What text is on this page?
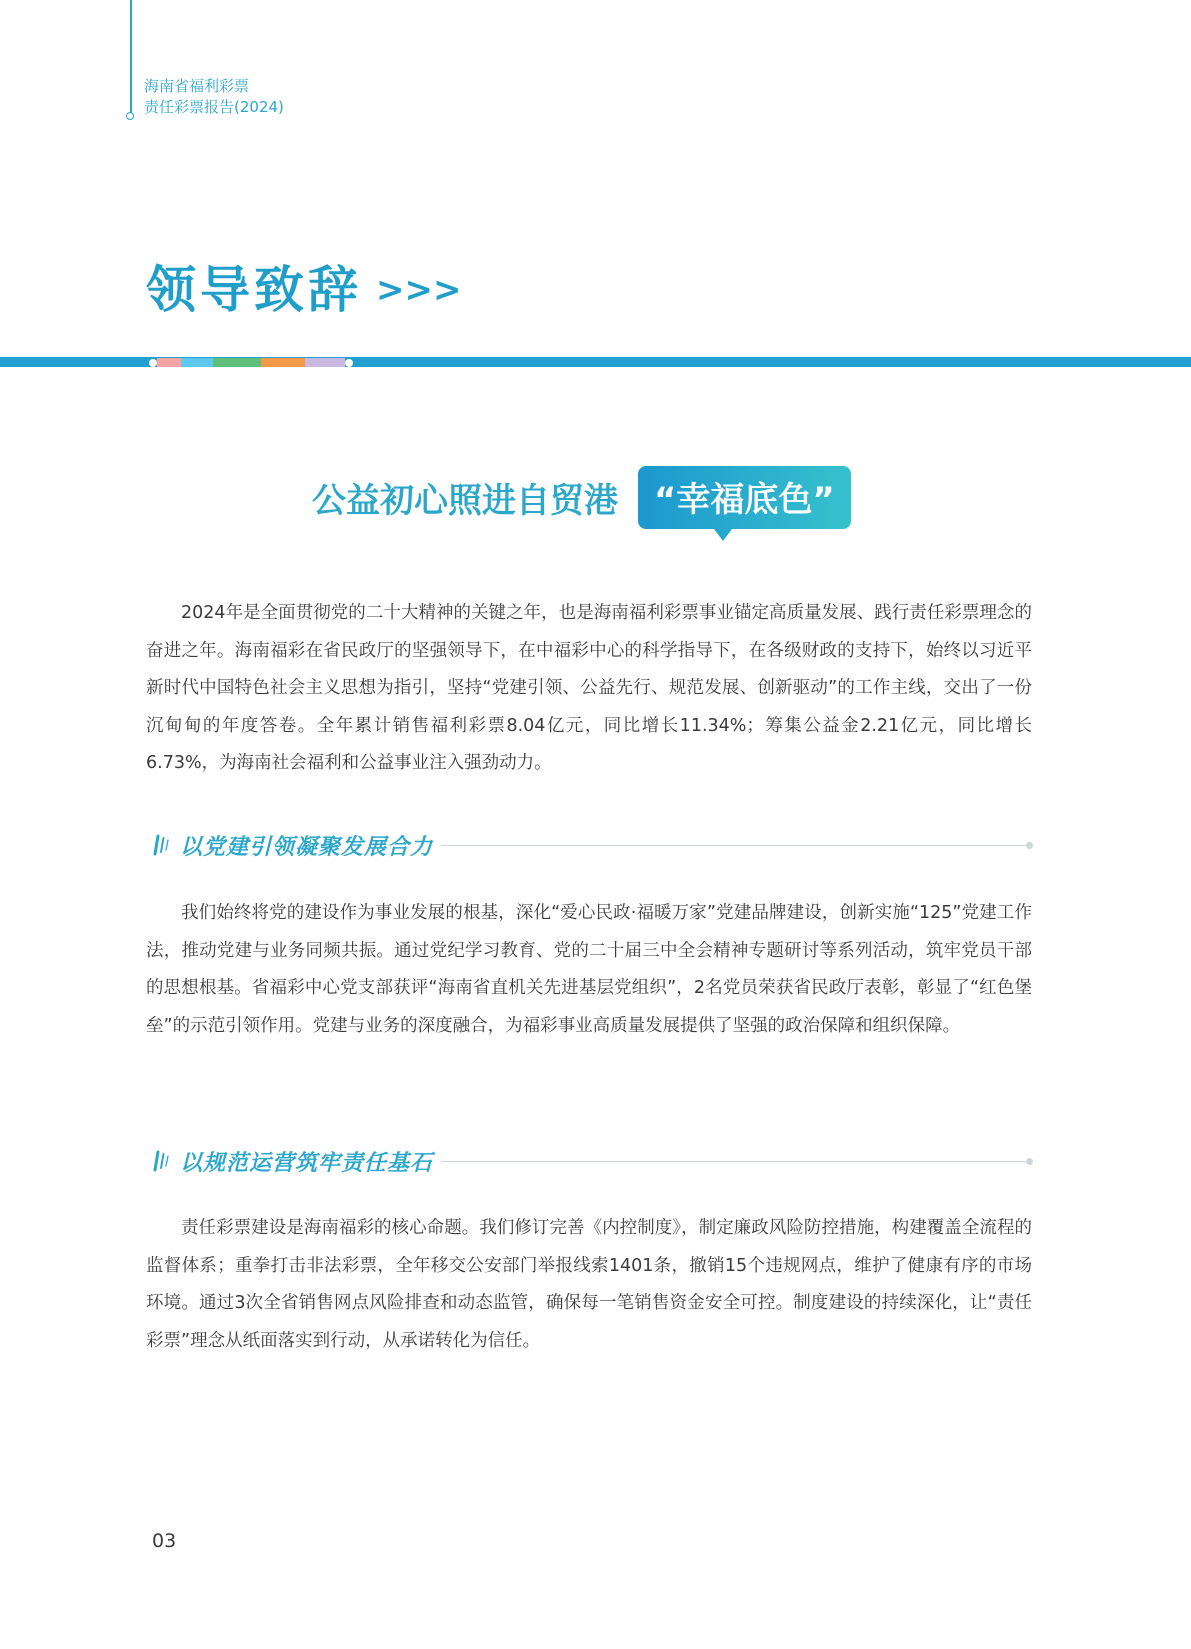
海南省福利彩票
责任彩票报告(2024)
领导致辞 >>>
公益初心照进自贸港	“幸福底色”

2024年是全面贯彻党的二十大精神的关键之年，也是海南福利彩票事业锚定高质量发展、践行责任彩票理念的奋进之年。海南福彩在省民政厅的坚强领导下，在中福彩中心的科学指导下，在各级财政的支持下，始终以习近平新时代中国特色社会主义思想为指引，坚持“党建引领、公益先行、规范发展、创新驱动”的工作主线，交出了一份沉甸甸的年度答卷。全年累计销售福利彩票8.04亿元，同比增长11.34%；筹集公益金2.21亿元，同比增长6.73%，为海南社会福利和公益事业注入强劲动力。

以党建引领凝聚发展合力

我们始终将党的建设作为事业发展的根基，深化“爱心民政·福暖万家”党建品牌建设，创新实施“125”党建工作法，推动党建与业务同频共振。通过党纪学习教育、党的二十届三中全会精神专题研讨等系列活动，筑牢党员干部的思想根基。省福彩中心党支部获评“海南省直机关先进基层党组织”，2名党员荣获省民政厅表彰，彰显了“红色堡垒”的示范引领作用。党建与业务的深度融合，为福彩事业高质量发展提供了坚强的政治保障和组织保障。

以规范运营筑牢责任基石

责任彩票建设是海南福彩的核心命题。我们修订完善《内控制度》，制定廉政风险防控措施，构建覆盖全流程的监督体系；重拳打击非法彩票，全年移交公安部门举报线索1401条，撤销15个违规网点，维护了健康有序的市场环境。通过3次全省销售网点风险排查和动态监管，确保每一笔销售资金安全可控。制度建设的持续深化，让“责任彩票”理念从纸面落实到行动，从承诺转化为信任。

03
